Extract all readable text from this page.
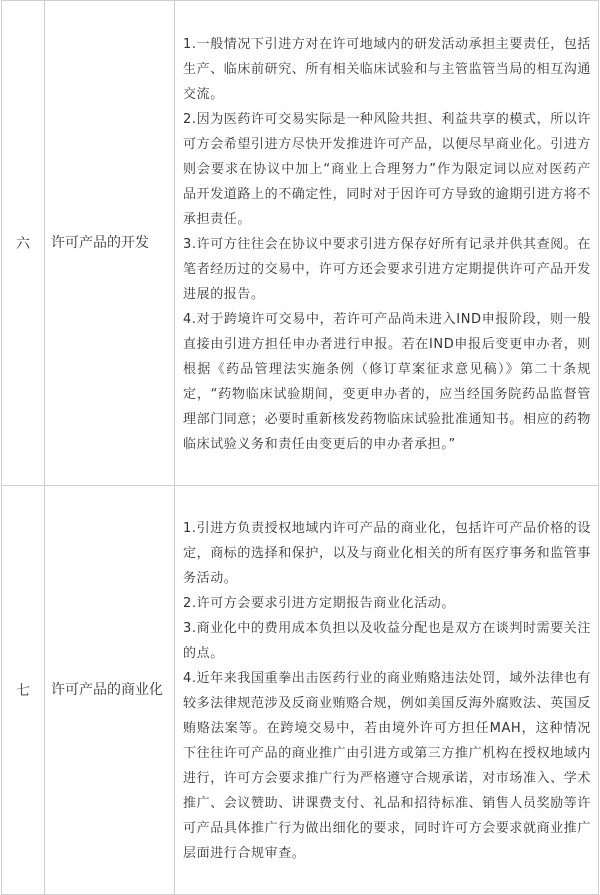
六	许可产品的开发	1.一般情况下引进方对在许可地域内的研发活动承担主要责任，包括生产、临床前研究、所有相关临床试验和与主管监管当局的相互沟通交流。

2.因为医药许可交易实际是一种风险共担、利益共享的模式，所以许可方会希望引进方尽快开发推进许可产品，以便尽早商业化。引进方则会要求在协议中加上“商业上合理努力”作为限定词以应对医药产品开发道路上的不确定性，同时对于因许可方导致的逾期引进方将不承担责任。

3.许可方往往会在协议中要求引进方保存好所有记录并供其查阅。在笔者经历过的交易中，许可方还会要求引进方定期提供许可产品开发进展的报告。

4.对于跨境许可交易中，若许可产品尚未进入IND申报阶段，则一般直接由引进方担任申办者进行申报。若在IND申报后变更申办者，则根据《药品管理法实施条例（修订草案征求意见稿）》第二十条规定，“药物临床试验期间，变更申办者的，应当经国务院药品监督管理部门同意；必要时重新核发药物临床试验批准通知书。相应的药物临床试验义务和责任由变更后的申办者承担。”

七	许可产品的商业化	1.引进方负责授权地域内许可产品的商业化，包括许可产品价格的设定，商标的选择和保护，以及与商业化相关的所有医疗事务和监管事务活动。

2.许可方会要求引进方定期报告商业化活动。

3.商业化中的费用成本负担以及收益分配也是双方在谈判时需要关注的点。

4.近年来我国重拳出击医药行业的商业贿赂违法处罚，域外法律也有较多法律规范涉及反商业贿赂合规，例如美国反海外腐败法、英国反贿赂法案等。在跨境交易中，若由境外许可方担任MAH，这种情况下往往许可产品的商业推广由引进方或第三方推广机构在授权地域内进行，许可方会要求推广行为严格遵守合规承诺，对市场准入、学术推广、会议赞助、讲课费支付、礼品和招待标准、销售人员奖励等许可产品具体推广行为做出细化的要求，同时许可方会要求就商业推广层面进行合规审查。
